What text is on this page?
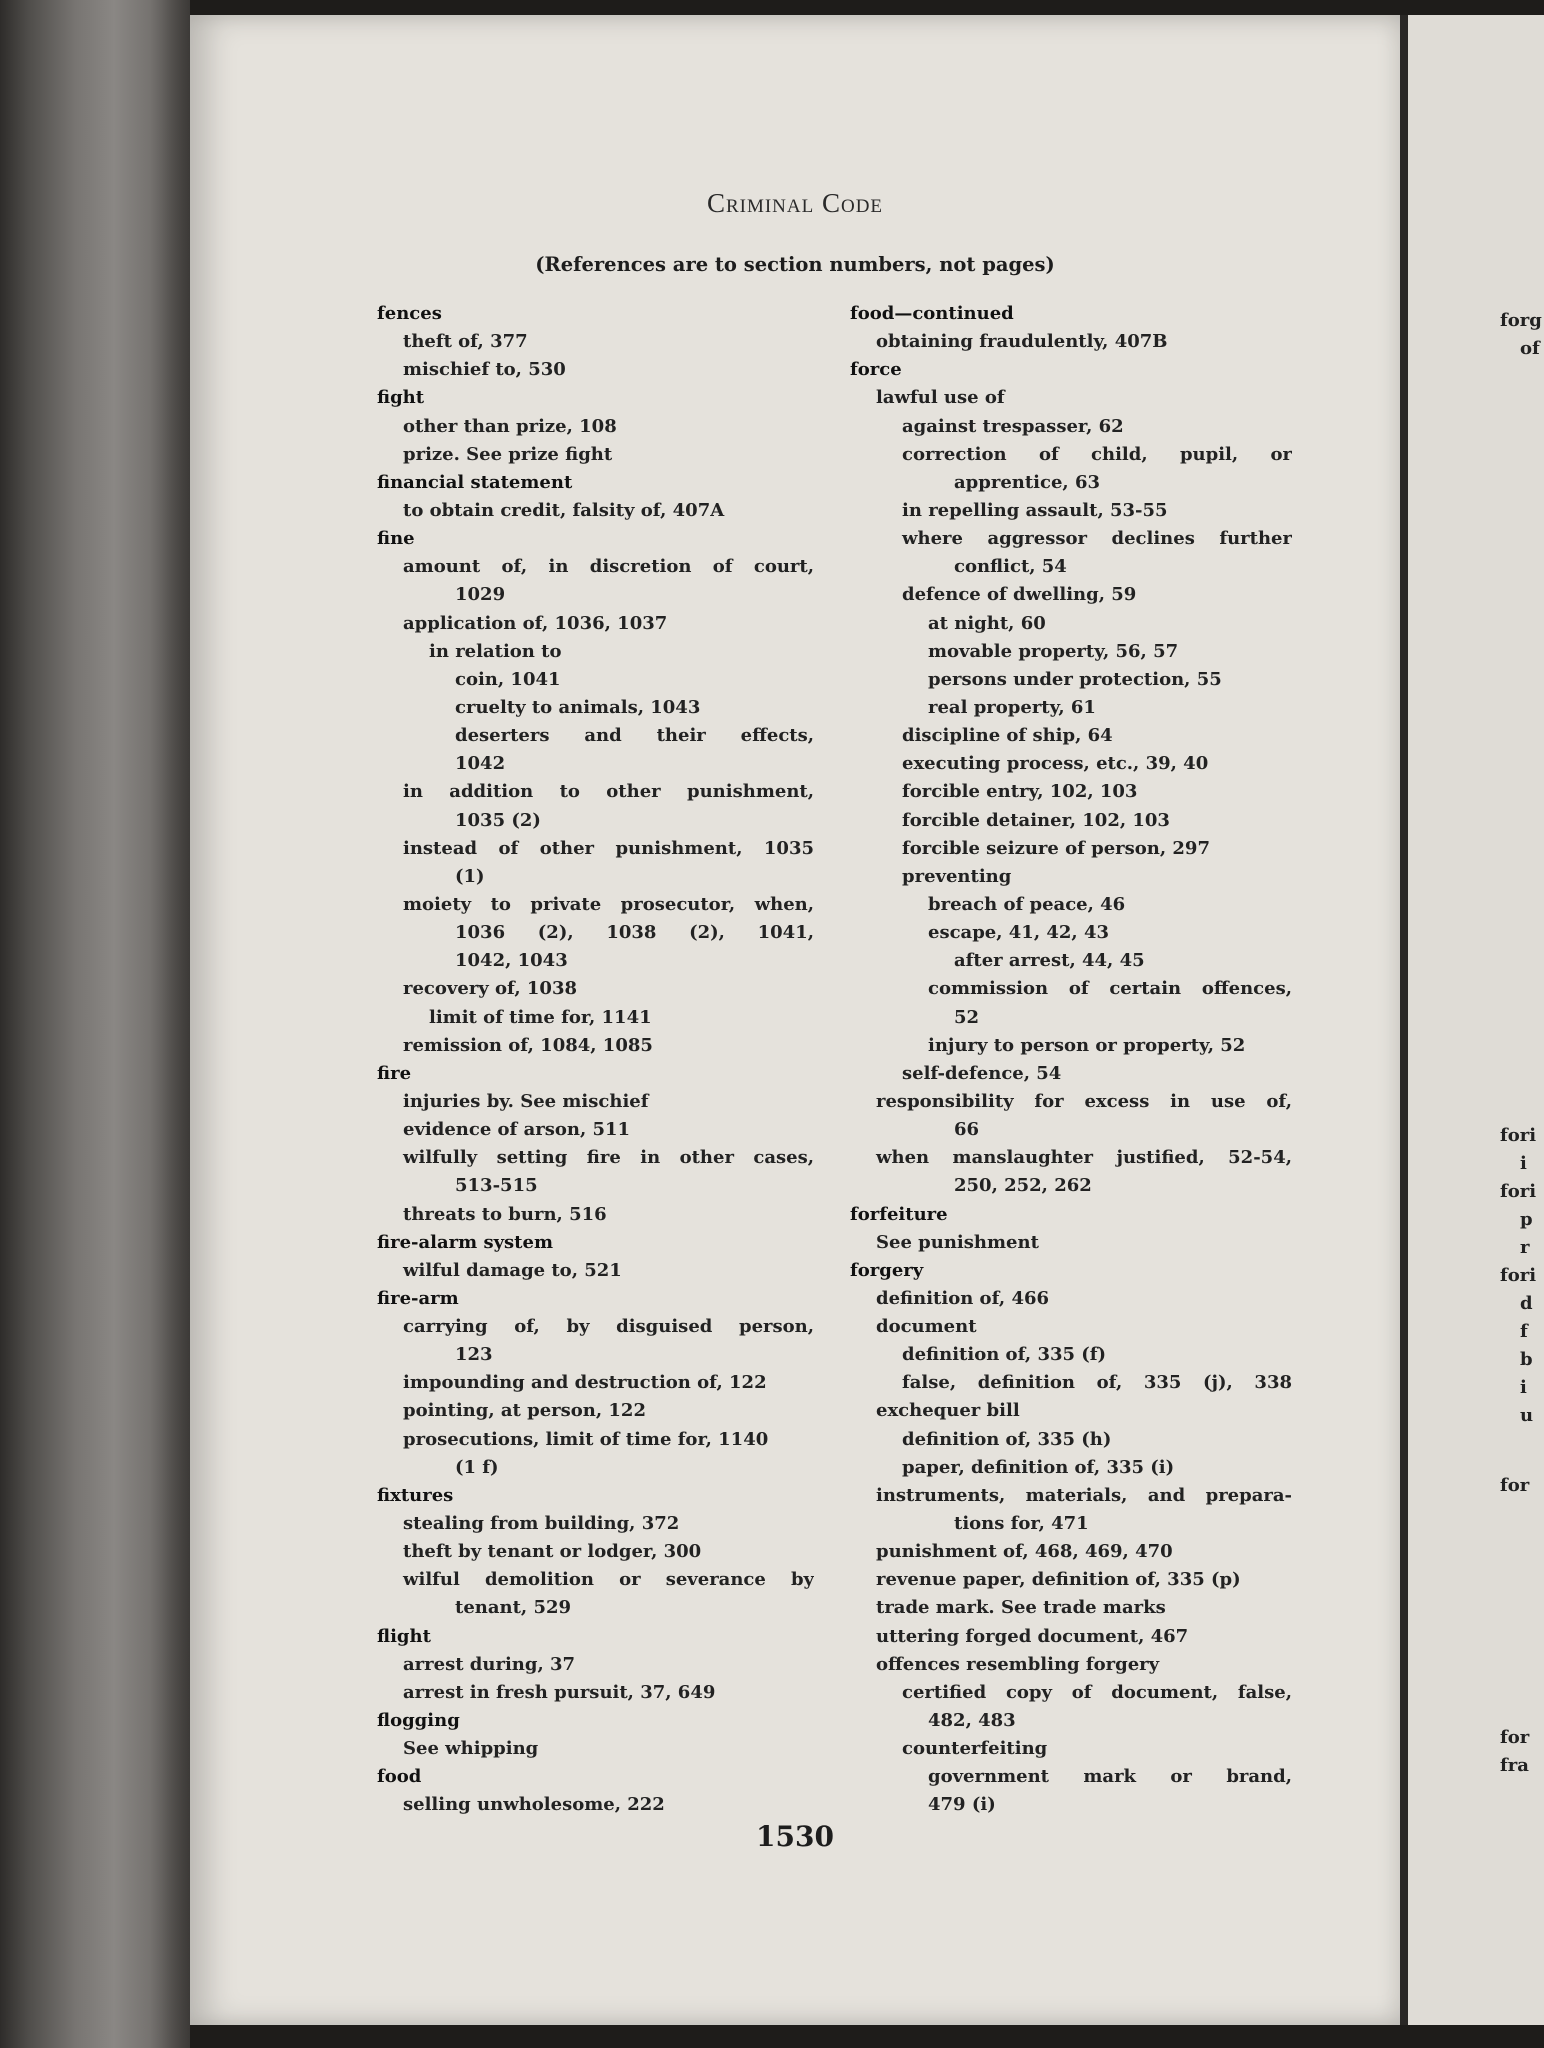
forg
of
fori
i
fori
p
r
fori
d
f
b
i
u
for
for
fra
Criminal Code
(References are to section numbers, not pages)
fences
theft of, 377
mischief to, 530
fight
other than prize, 108
prize. See prize fight
financial statement
to obtain credit, falsity of, 407A
fine
amount of, in discretion of court,
1029
application of, 1036, 1037
in relation to
coin, 1041
cruelty to animals, 1043
deserters and their effects,
1042
in addition to other punishment,
1035 (2)
instead of other punishment, 1035
(1)
moiety to private prosecutor, when,
1036 (2), 1038 (2), 1041,
1042, 1043
recovery of, 1038
limit of time for, 1141
remission of, 1084, 1085
fire
injuries by. See mischief
evidence of arson, 511
wilfully setting fire in other cases,
513-515
threats to burn, 516
fire-alarm system
wilful damage to, 521
fire-arm
carrying of, by disguised person,
123
impounding and destruction of, 122
pointing, at person, 122
prosecutions, limit of time for, 1140
(1 f)
fixtures
stealing from building, 372
theft by tenant or lodger, 300
wilful demolition or severance by
tenant, 529
flight
arrest during, 37
arrest in fresh pursuit, 37, 649
flogging
See whipping
food
selling unwholesome, 222
food—continued
obtaining fraudulently, 407B
force
lawful use of
against trespasser, 62
correction of child, pupil, or
apprentice, 63
in repelling assault, 53-55
where aggressor declines further
conflict, 54
defence of dwelling, 59
at night, 60
movable property, 56, 57
persons under protection, 55
real property, 61
discipline of ship, 64
executing process, etc., 39, 40
forcible entry, 102, 103
forcible detainer, 102, 103
forcible seizure of person, 297
preventing
breach of peace, 46
escape, 41, 42, 43
after arrest, 44, 45
commission of certain offences,
52
injury to person or property, 52
self-defence, 54
responsibility for excess in use of,
66
when manslaughter justified, 52-54,
250, 252, 262
forfeiture
See punishment
forgery
definition of, 466
document
definition of, 335 (f)
false, definition of, 335 (j), 338
exchequer bill
definition of, 335 (h)
paper, definition of, 335 (i)
instruments, materials, and prepara-
tions for, 471
punishment of, 468, 469, 470
revenue paper, definition of, 335 (p)
trade mark. See trade marks
uttering forged document, 467
offences resembling forgery
certified copy of document, false,
482, 483
counterfeiting
government mark or brand,
479 (i)
1530
